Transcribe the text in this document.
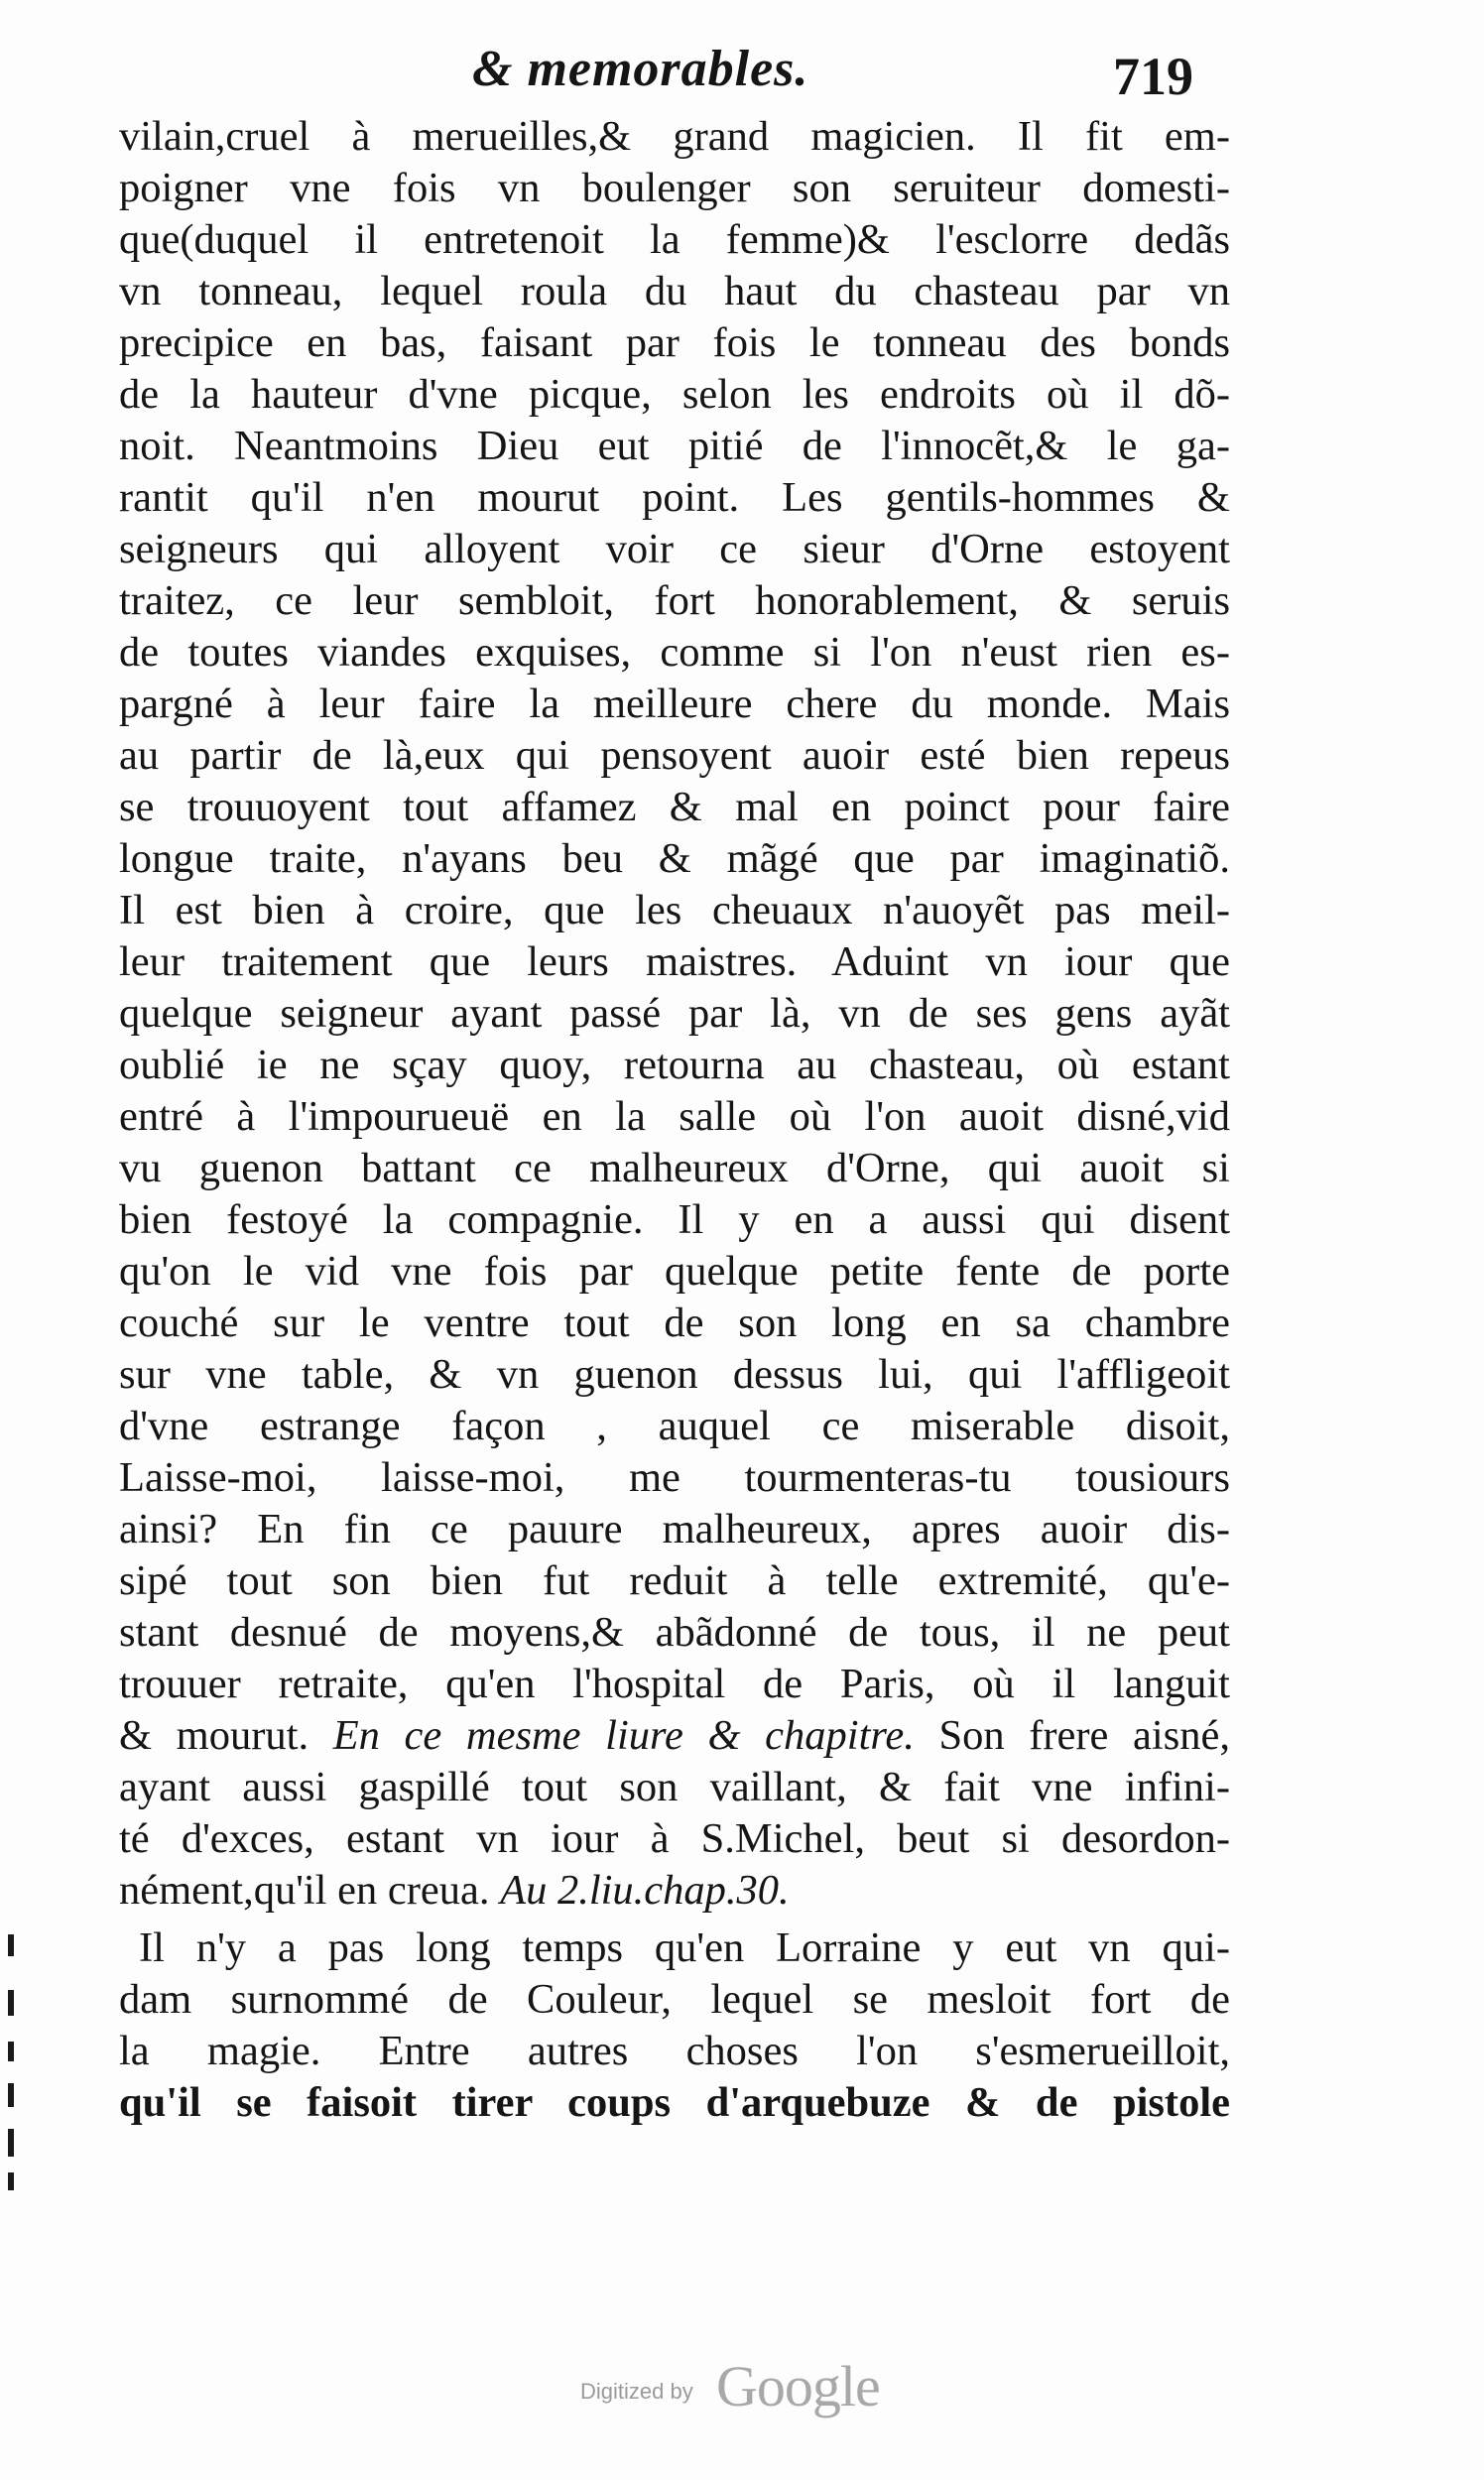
& memorables.	719
vilain,cruel à merueilles,& grand magicien. Il fit em-
poigner vne fois vn boulenger son seruiteur domesti-
que(duquel il entretenoit la femme)& l'esclorre dedãs
vn tonneau, lequel roula du haut du chasteau par vn
precipice en bas, faisant par fois le tonneau des bonds
de la hauteur d'vne picque, selon les endroits où il dõ-
noit. Neantmoins Dieu eut pitié de l'innocẽt,& le ga-
rantit qu'il n'en mourut point. Les gentils-hommes &
seigneurs qui alloyent voir ce sieur d'Orne estoyent
traitez, ce leur sembloit, fort honorablement, & seruis
de toutes viandes exquises, comme si l'on n'eust rien es-
pargné à leur faire la meilleure chere du monde. Mais
au partir de là,eux qui pensoyent auoir esté bien repeus
se trouuoyent tout affamez & mal en poinct pour faire
longue traite, n'ayans beu & mãgé que par imaginatiõ.
Il est bien à croire, que les cheuaux n'auoyẽt pas meil-
leur traitement que leurs maistres. Aduint vn iour que
quelque seigneur ayant passé par là, vn de ses gens ayãt
oublié ie ne sçay quoy, retourna au chasteau, où estant
entré à l'impourueuë en la salle où l'on auoit disné,vid
vu guenon battant ce malheureux d'Orne, qui auoit si
bien festoyé la compagnie. Il y en a aussi qui disent
qu'on le vid vne fois par quelque petite fente de porte
couché sur le ventre tout de son long en sa chambre
sur vne table, & vn guenon dessus lui, qui l'affligeoit
d'vne estrange façon , auquel ce miserable disoit,
Laisse-moi, laisse-moi, me tourmenteras-tu tousiours
ainsi? En fin ce pauure malheureux, apres auoir dis-
sipé tout son bien fut reduit à telle extremité, qu'e-
stant desnué de moyens,& abãdonné de tous, il ne peut
trouuer retraite, qu'en l'hospital de Paris, où il languit
& mourut. En ce mesme liure & chapitre. Son frere aisné,
ayant aussi gaspillé tout son vaillant, & fait vne infini-
té d'exces, estant vn iour à S.Michel, beut si desordon-
nément,qu'il en creua. Au 2.liu.chap.30.
Il n'y a pas long temps qu'en Lorraine y eut vn qui-
dam surnommé de Couleur, lequel se mesloit fort de
la magie. Entre autres choses l'on s'esmerueilloit,
qu'il se faisoit tirer coups d'arquebuze & de pistole
Digitized by Google
